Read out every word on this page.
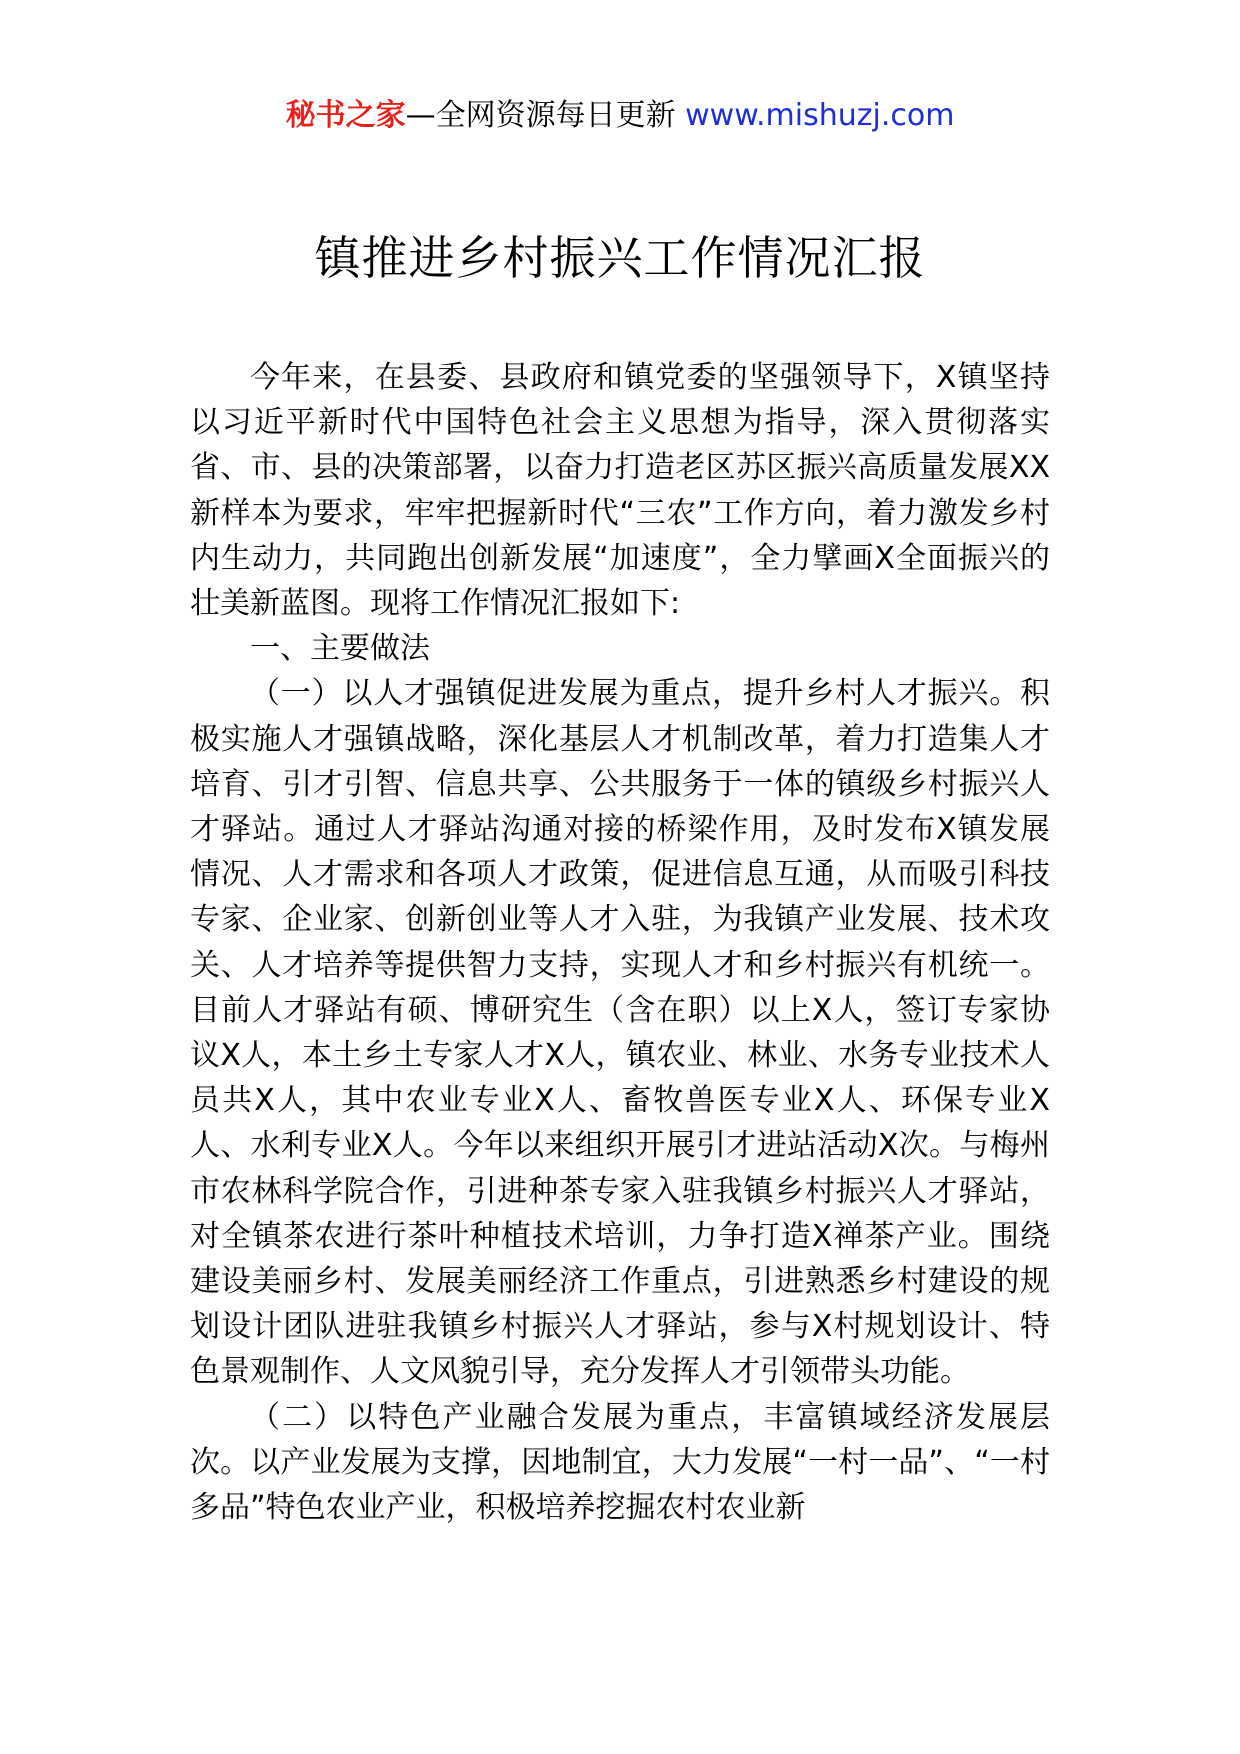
秘书之家—全网资源每日更新 www.mishuzj.com
镇推进乡村振兴工作情况汇报

今年来，在县委、县政府和镇党委的坚强领导下，X镇坚持以习近平新时代中国特色社会主义思想为指导，深入贯彻落实省、市、县的决策部署，以奋力打造老区苏区振兴高质量发展XX新样本为要求，牢牢把握新时代“三农”工作方向，着力激发乡村内生动力，共同跑出创新发展“加速度”，全力擘画X全面振兴的壮美新蓝图。现将工作情况汇报如下:

一、主要做法

（一）以人才强镇促进发展为重点，提升乡村人才振兴。积极实施人才强镇战略，深化基层人才机制改革，着力打造集人才培育、引才引智、信息共享、公共服务于一体的镇级乡村振兴人才驿站。通过人才驿站沟通对接的桥梁作用，及时发布X镇发展情况、人才需求和各项人才政策，促进信息互通，从而吸引科技专家、企业家、创新创业等人才入驻，为我镇产业发展、技术攻关、人才培养等提供智力支持，实现人才和乡村振兴有机统一。目前人才驿站有硕、博研究生（含在职）以上X人，签订专家协议X人，本土乡土专家人才X人，镇农业、林业、水务专业技术人员共X人，其中农业专业X人、畜牧兽医专业X人、环保专业X人、水利专业X人。今年以来组织开展引才进站活动X次。与梅州市农林科学院合作，引进种茶专家入驻我镇乡村振兴人才驿站，对全镇茶农进行茶叶种植技术培训，力争打造X禅茶产业。围绕建设美丽乡村、发展美丽经济工作重点，引进熟悉乡村建设的规划设计团队进驻我镇乡村振兴人才驿站，参与X村规划设计、特色景观制作、人文风貌引导，充分发挥人才引领带头功能。

（二）以特色产业融合发展为重点，丰富镇域经济发展层次。以产业发展为支撑，因地制宜，大力发展“一村一品”、“一村多品”特色农业产业，积极培养挖掘农村农业新
